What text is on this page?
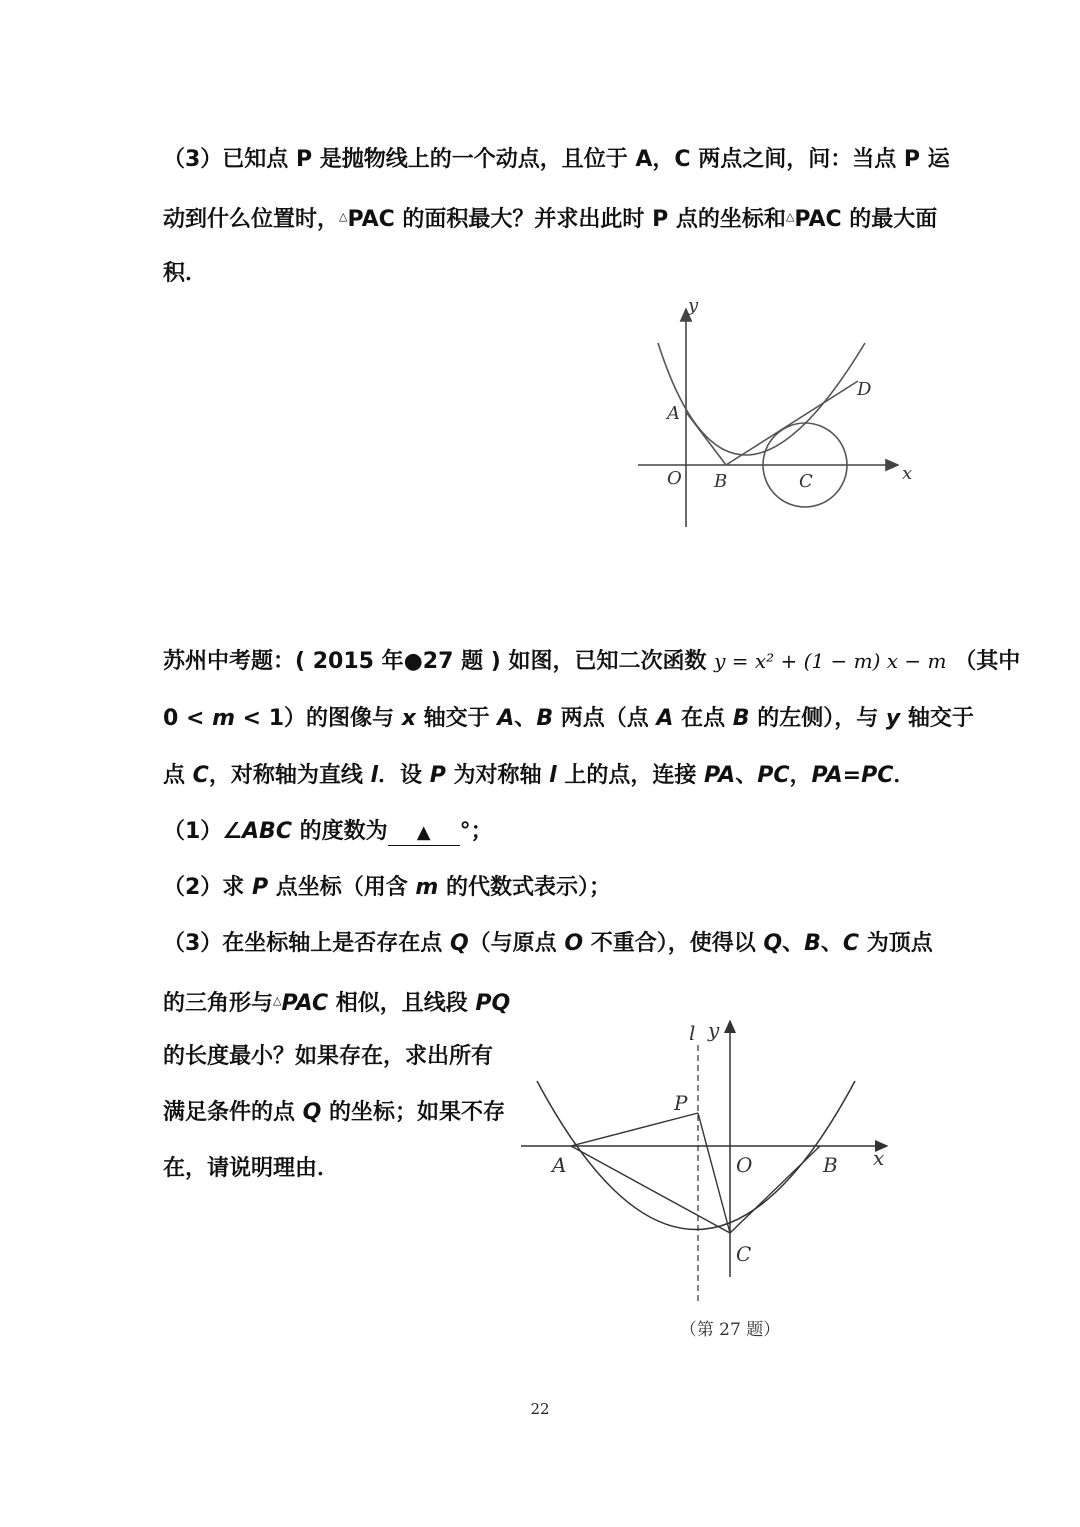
（3）已知点 P 是抛物线上的一个动点，且位于 A，C 两点之间，问：当点 P 运
动到什么位置时，△PAC 的面积最大？并求出此时 P 点的坐标和△PAC 的最大面
积．
y
x
A
O B	C
D
苏州中考题：( 2015 年●27 题 ) 如图，已知二次函数 y = x² + (1 − m) x − m （其中
0 < m < 1）的图像与 x 轴交于 A、B 两点（点 A 在点 B 的左侧），与 y 轴交于
点 C，对称轴为直线 l．设 P 为对称轴 l 上的点，连接 PA、PC，PA=PC．
（1）∠ABC 的度数为 ▲ °；
（2）求 P 点坐标（用含 m 的代数式表示）；
（3）在坐标轴上是否存在点 Q（与原点 O 不重合），使得以 Q、B、C 为顶点
的三角形与△PAC 相似，且线段 PQ
的长度最小？如果存在，求出所有
满足条件的点 Q 的坐标；如果不存
在，请说明理由．
l y
x
P
A	O	B
C
（第 27 题）
22
